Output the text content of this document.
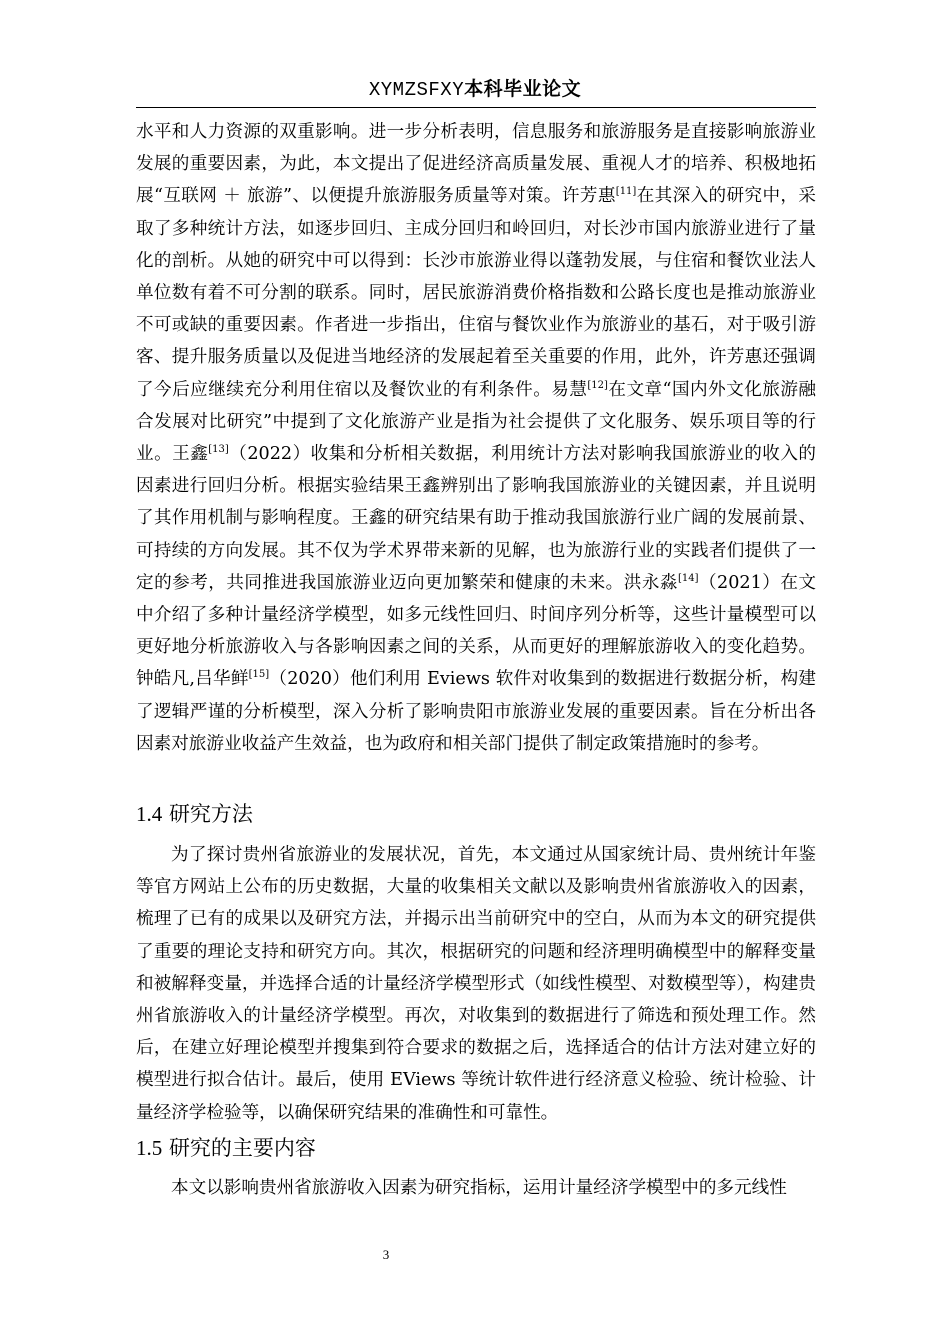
XYMZSFXY本科毕业论文

水平和人力资源的双重影响。进一步分析表明，信息服务和旅游服务是直接影响旅游业发展的重要因素，为此，本文提出了促进经济高质量发展、重视人才的培养、积极地拓展“互联网 ＋ 旅游”、以便提升旅游服务质量等对策。许芳惠[11]在其深入的研究中，采取了多种统计方法，如逐步回归、主成分回归和岭回归，对长沙市国内旅游业进行了量化的剖析。从她的研究中可以得到：长沙市旅游业得以蓬勃发展，与住宿和餐饮业法人单位数有着不可分割的联系。同时，居民旅游消费价格指数和公路长度也是推动旅游业不可或缺的重要因素。作者进一步指出，住宿与餐饮业作为旅游业的基石，对于吸引游客、提升服务质量以及促进当地经济的发展起着至关重要的作用，此外，许芳惠还强调了今后应继续充分利用住宿以及餐饮业的有利条件。易慧[12]在文章“国内外文化旅游融合发展对比研究”中提到了文化旅游产业是指为社会提供了文化服务、娱乐项目等的行业。王鑫[13]（2022）收集和分析相关数据，利用统计方法对影响我国旅游业的收入的因素进行回归分析。根据实验结果王鑫辨别出了影响我国旅游业的关键因素，并且说明了其作用机制与影响程度。王鑫的研究结果有助于推动我国旅游行业广阔的发展前景、可持续的方向发展。其不仅为学术界带来新的见解，也为旅游行业的实践者们提供了一定的参考，共同推进我国旅游业迈向更加繁荣和健康的未来。洪永淼[14]（2021）在文中介绍了多种计量经济学模型，如多元线性回归、时间序列分析等，这些计量模型可以更好地分析旅游收入与各影响因素之间的关系，从而更好的理解旅游收入的变化趋势。钟皓凡,吕华鲜[15]（2020）他们利用 Eviews 软件对收集到的数据进行数据分析，构建了逻辑严谨的分析模型，深入分析了影响贵阳市旅游业发展的重要因素。旨在分析出各因素对旅游业收益产生效益，也为政府和相关部门提供了制定政策措施时的参考。

1.4 研究方法

为了探讨贵州省旅游业的发展状况，首先，本文通过从国家统计局、贵州统计年鉴等官方网站上公布的历史数据，大量的收集相关文献以及影响贵州省旅游收入的因素，梳理了已有的成果以及研究方法，并揭示出当前研究中的空白，从而为本文的研究提供了重要的理论支持和研究方向。其次，根据研究的问题和经济理明确模型中的解释变量和被解释变量，并选择合适的计量经济学模型形式（如线性模型、对数模型等），构建贵州省旅游收入的计量经济学模型。再次，对收集到的数据进行了筛选和预处理工作。然后，在建立好理论模型并搜集到符合要求的数据之后，选择适合的估计方法对建立好的模型进行拟合估计。最后，使用 EViews 等统计软件进行经济意义检验、统计检验、计量经济学检验等，以确保研究结果的准确性和可靠性。

1.5 研究的主要内容

本文以影响贵州省旅游收入因素为研究指标，运用计量经济学模型中的多元线性

3
